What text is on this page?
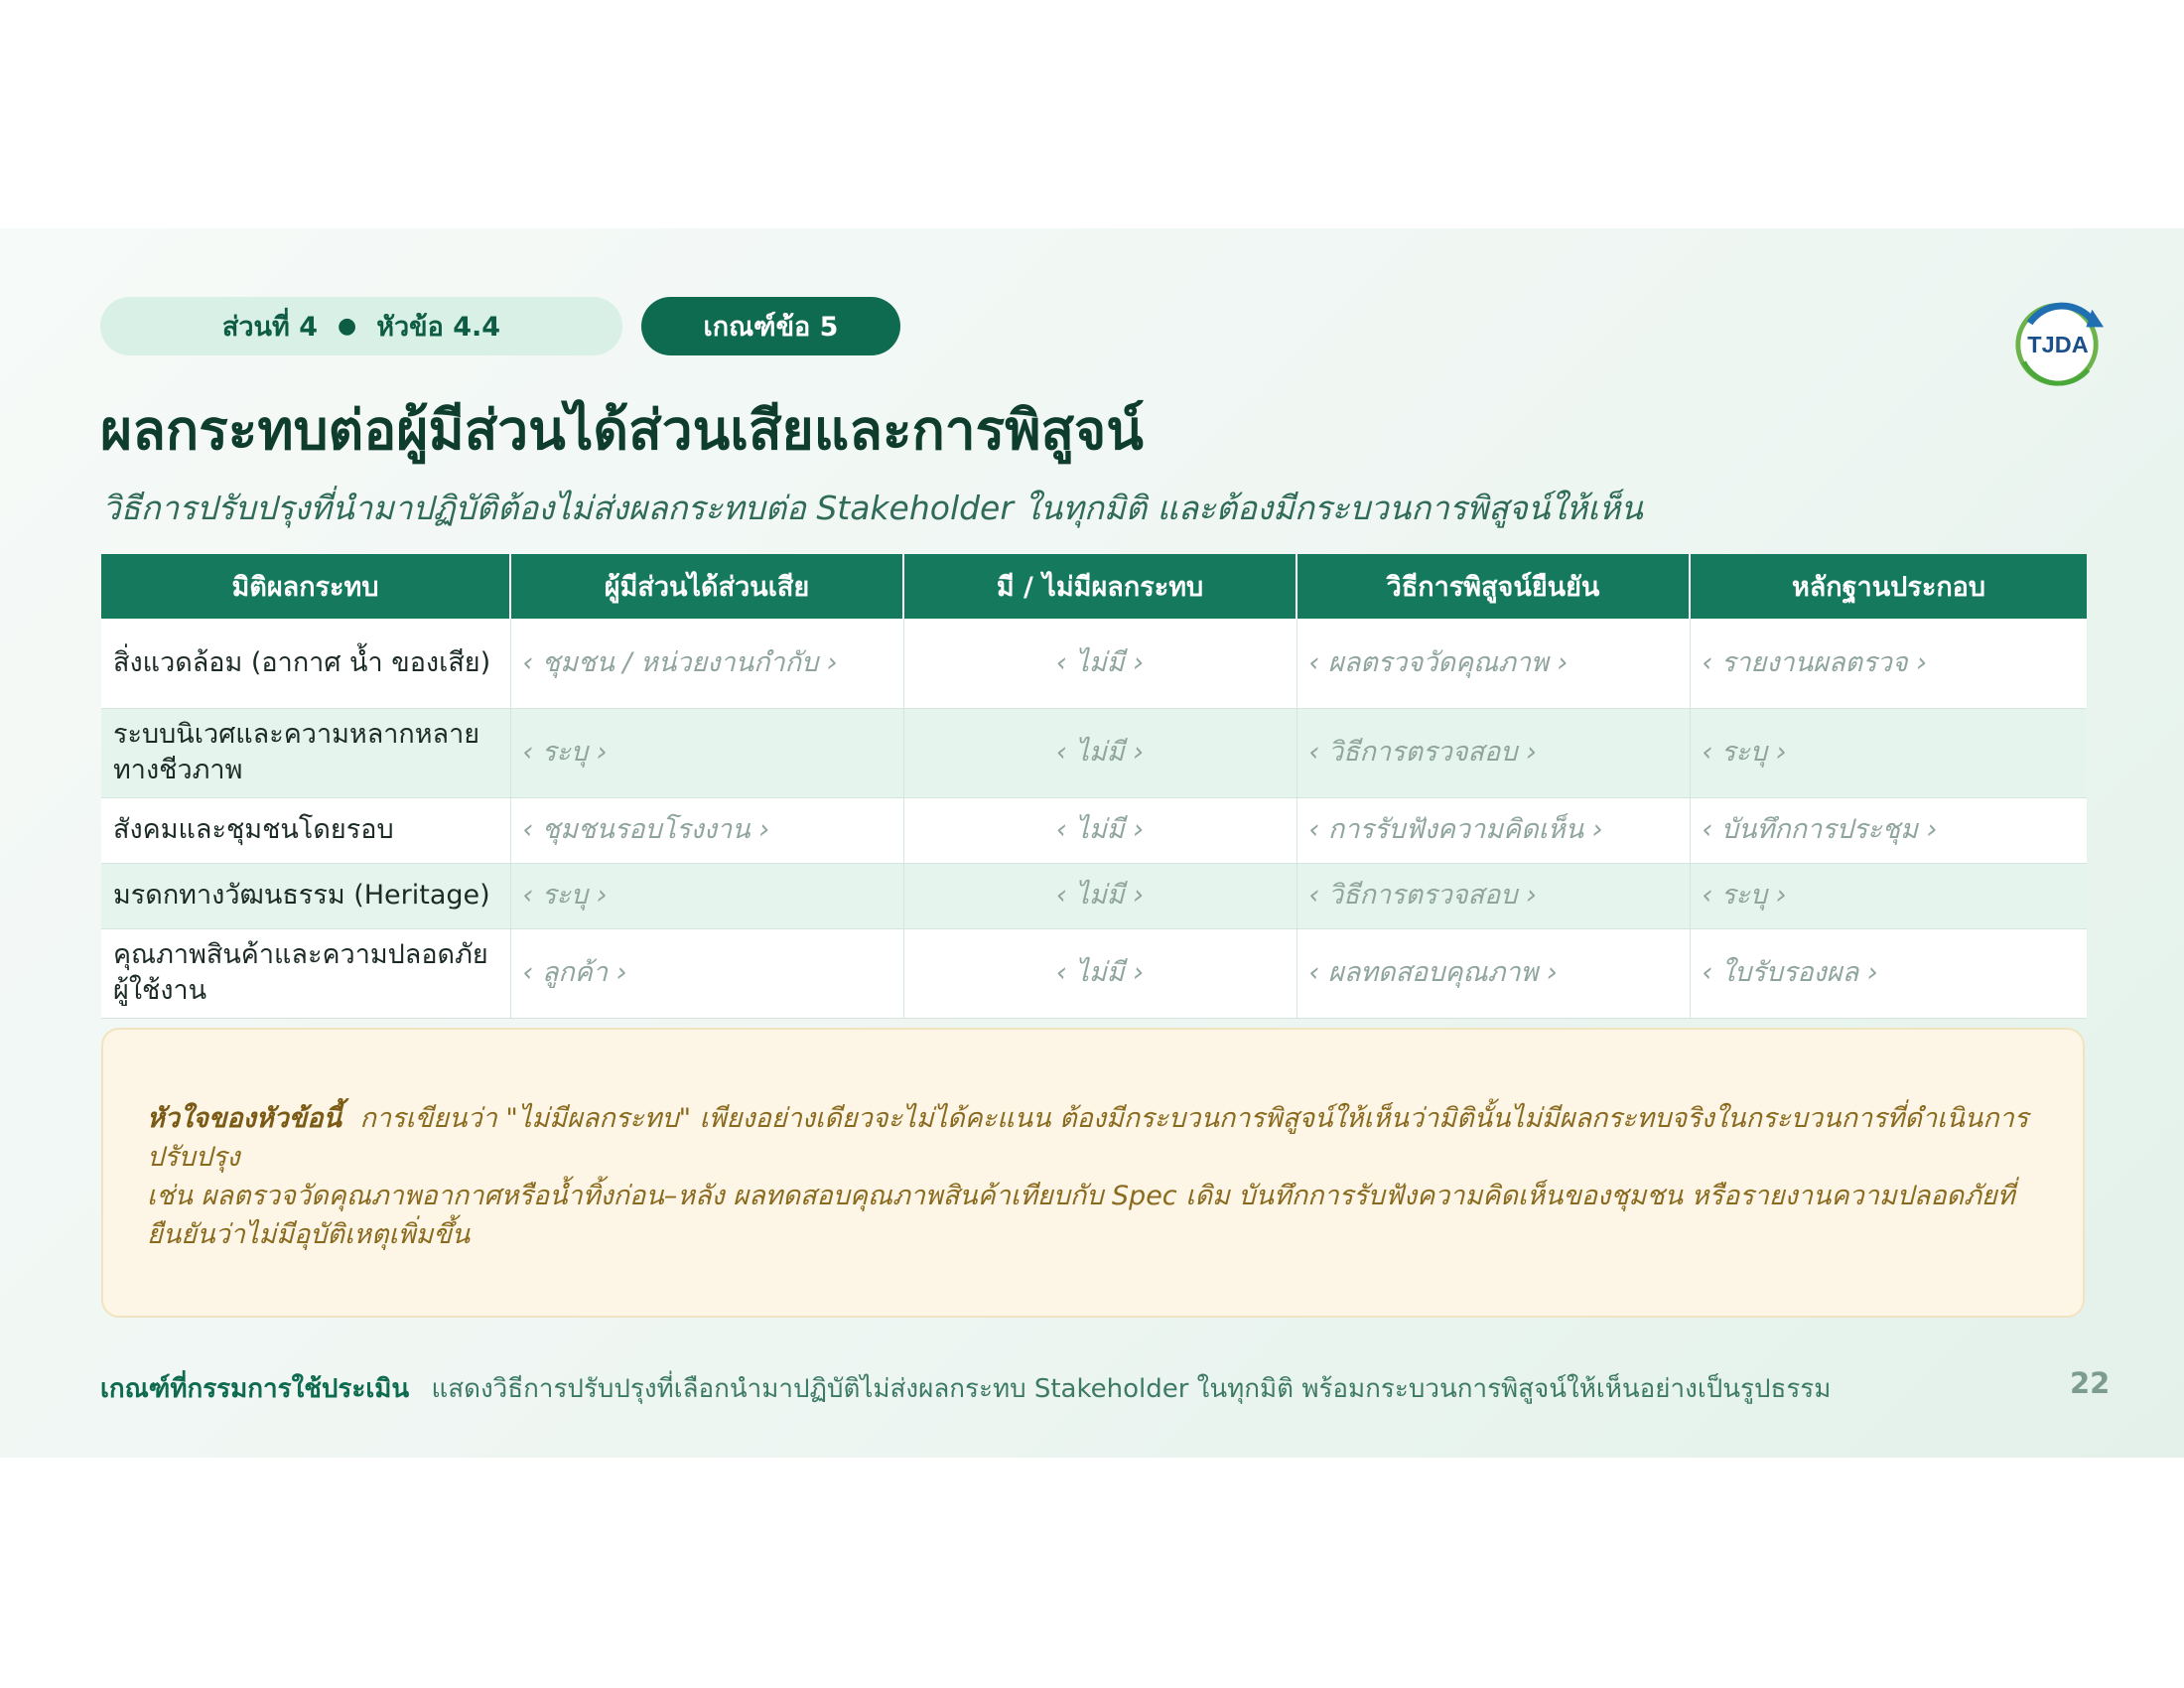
ส่วนที่ 4 ● หัวข้อ 4.4	เกณฑ์ข้อ 5
TJDA
ผลกระทบต่อผู้มีส่วนได้ส่วนเสียและการพิสูจน์
วิธีการปรับปรุงที่นำมาปฏิบัติต้องไม่ส่งผลกระทบต่อ Stakeholder ในทุกมิติ และต้องมีกระบวนการพิสูจน์ให้เห็น
มิติผลกระทบ	ผู้มีส่วนได้ส่วนเสีย	มี / ไม่มีผลกระทบ	วิธีการพิสูจน์ยืนยัน	หลักฐานประกอบ
สิ่งแวดล้อม (อากาศ น้ำ ของเสีย)	‹ ชุมชน / หน่วยงานกำกับ ›	‹ ไม่มี ›	‹ ผลตรวจวัดคุณภาพ ›	‹ รายงานผลตรวจ ›
ระบบนิเวศและความหลากหลายทางชีวภาพ	‹ ระบุ ›	‹ ไม่มี ›	‹ วิธีการตรวจสอบ ›	‹ ระบุ ›
สังคมและชุมชนโดยรอบ	‹ ชุมชนรอบโรงงาน ›	‹ ไม่มี ›	‹ การรับฟังความคิดเห็น ›	‹ บันทึกการประชุม ›
มรดกทางวัฒนธรรม (Heritage)	‹ ระบุ ›	‹ ไม่มี ›	‹ วิธีการตรวจสอบ ›	‹ ระบุ ›
คุณภาพสินค้าและความปลอดภัยผู้ใช้งาน	‹ ลูกค้า ›	‹ ไม่มี ›	‹ ผลทดสอบคุณภาพ ›	‹ ใบรับรองผล ›
หัวใจของหัวข้อนี้ การเขียนว่า "ไม่มีผลกระทบ" เพียงอย่างเดียวจะไม่ได้คะแนน ต้องมีกระบวนการพิสูจน์ให้เห็นว่ามิตินั้นไม่มีผลกระทบจริงในกระบวนการที่ดำเนินการปรับปรุง
เช่น ผลตรวจวัดคุณภาพอากาศหรือน้ำทิ้งก่อน–หลัง ผลทดสอบคุณภาพสินค้าเทียบกับ Spec เดิม บันทึกการรับฟังความคิดเห็นของชุมชน หรือรายงานความปลอดภัยที่ยืนยันว่าไม่มีอุบัติเหตุเพิ่มขึ้น
เกณฑ์ที่กรรมการใช้ประเมิน แสดงวิธีการปรับปรุงที่เลือกนำมาปฏิบัติไม่ส่งผลกระทบ Stakeholder ในทุกมิติ พร้อมกระบวนการพิสูจน์ให้เห็นอย่างเป็นรูปธรรม	22
